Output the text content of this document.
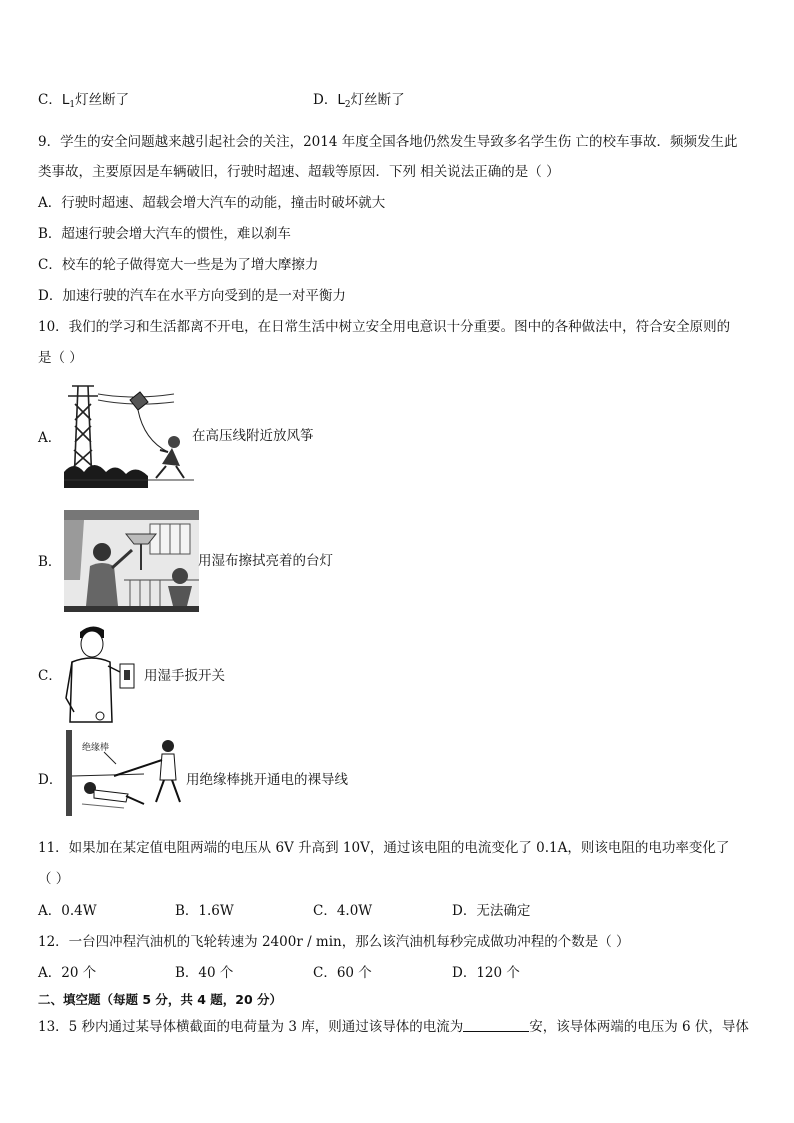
C．$L_1$灯丝断了	D．$L_2$灯丝断了
9．学生的安全问题越来越引起社会的关注，2014 年度全国各地仍然发生导致多名学生伤 亡的校车事故．频频发生此
类事故，主要原因是车辆破旧，行驶时超速、超载等原因．下列 相关说法正确的是（ ）
A．行驶时超速、超载会增大汽车的动能，撞击时破坏就大
B．超速行驶会增大汽车的惯性，难以刹车
C．校车的轮子做得宽大一些是为了增大摩擦力
D．加速行驶的汽车在水平方向受到的是一对平衡力
10．我们的学习和生活都离不开电，在日常生活中树立安全用电意识十分重要。图中的各种做法中，符合安全原则的
是（ ）
A．	在高压线附近放风筝
B．	用湿布擦拭亮着的台灯
C．	用湿手扳开关
D．
绝缘棒
用绝缘棒挑开通电的裸导线
11．如果加在某定值电阻两端的电压从 6V 升高到 10V，通过该电阻的电流变化了 0.1A，则该电阻的电功率变化了
（ ）
A．0.4W	B．1.6W	C．4.0W	D．无法确定
12．一台四冲程汽油机的飞轮转速为 2400r / min，那么该汽油机每秒完成做功冲程的个数是（ ）
A．20 个	B．40 个	C．60 个	D．120 个
二、填空题（每题 5 分，共 4 题，20 分）
13．5 秒内通过某导体横截面的电荷量为 3 库，则通过该导体的电流为	安，该导体两端的电压为 6 伏，导体
